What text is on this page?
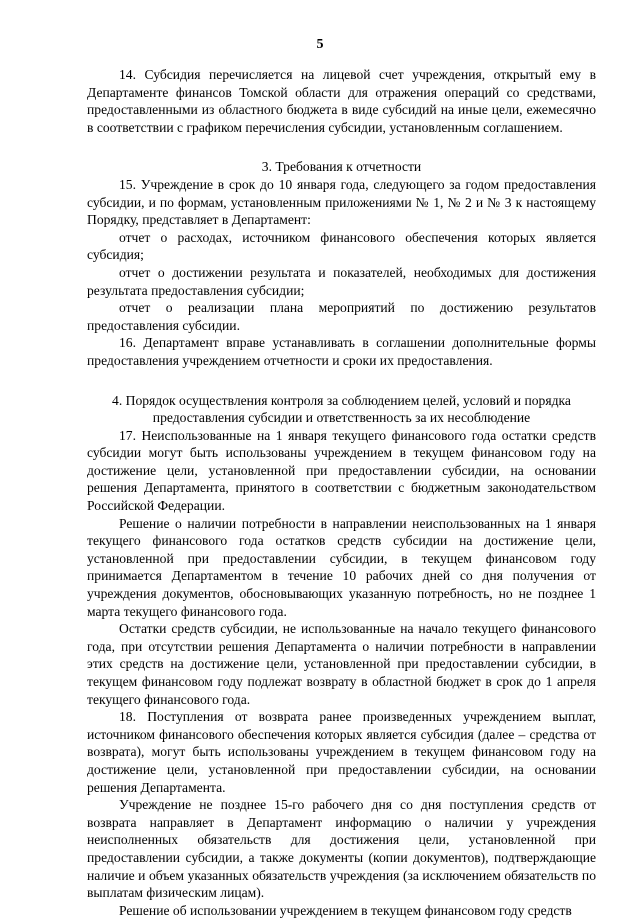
5

14. Субсидия перечисляется на лицевой счет учреждения, открытый ему в Департаменте финансов Томской области для отражения операций со средствами, предоставленными из областного бюджета в виде субсидий на иные цели, ежемесячно в соответствии с графиком перечисления субсидии, установленным соглашением.

3. Требования к отчетности

15. Учреждение в срок до 10 января года, следующего за годом предоставления субсидии, и по формам, установленным приложениями № 1, № 2 и № 3 к настоящему Порядку, представляет в Департамент:

отчет о расходах, источником финансового обеспечения которых является субсидия;

отчет о достижении результата и показателей, необходимых для достижения результата предоставления субсидии;

отчет о реализации плана мероприятий по достижению результатов предоставления субсидии.

16. Департамент вправе устанавливать в соглашении дополнительные формы предоставления учреждением отчетности и сроки их предоставления.

4. Порядок осуществления контроля за соблюдением целей, условий и порядка

предоставления субсидии и ответственность за их несоблюдение

17. Неиспользованные на 1 января текущего финансового года остатки средств субсидии могут быть использованы учреждением в текущем финансовом году на достижение цели, установленной при предоставлении субсидии, на основании решения Департамента, принятого в соответствии с бюджетным законодательством Российской Федерации.

Решение о наличии потребности в направлении неиспользованных на 1 января текущего финансового года остатков средств субсидии на достижение цели, установленной при предоставлении субсидии, в текущем финансовом году принимается Департаментом в течение 10 рабочих дней со дня получения от учреждения документов, обосновывающих указанную потребность, но не позднее 1 марта текущего финансового года.

Остатки средств субсидии, не использованные на начало текущего финансового года, при отсутствии решения Департамента о наличии потребности в направлении этих средств на достижение цели, установленной при предоставлении субсидии, в текущем финансовом году подлежат возврату в областной бюджет в срок до 1 апреля текущего финансового года.

18. Поступления от возврата ранее произведенных учреждением выплат, источником финансового обеспечения которых является субсидия (далее – средства от возврата), могут быть использованы учреждением в текущем финансовом году на достижение цели, установленной при предоставлении субсидии, на основании решения Департамента.

Учреждение не позднее 15-го рабочего дня со дня поступления средств от возврата направляет в Департамент информацию о наличии у учреждения неисполненных обязательств для достижения цели, установленной при предоставлении субсидии, а также документы (копии документов), подтверждающие наличие и объем указанных обязательств учреждения (за исключением обязательств по выплатам физическим лицам).

Решение об использовании учреждением в текущем финансовом году средств
